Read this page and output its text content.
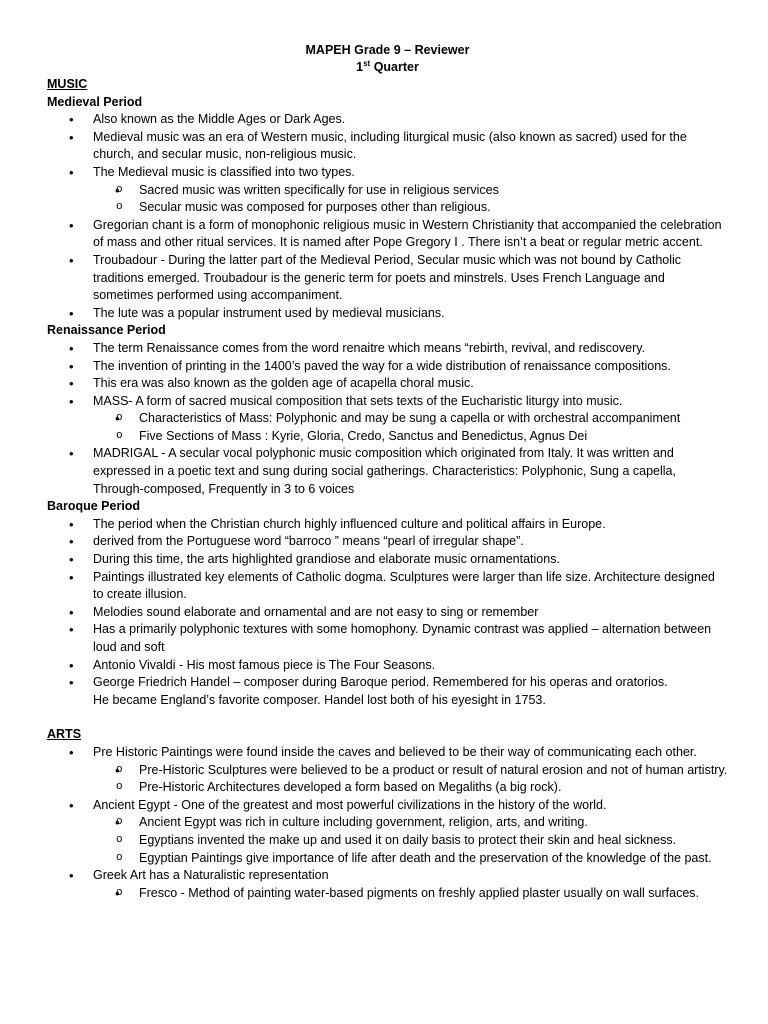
MAPEH Grade 9 – Reviewer
1st Quarter
MUSIC
Medieval Period
• Also known as the Middle Ages or Dark Ages.
• Medieval music was an era of Western music, including liturgical music (also known as sacred) used for the church, and secular music, non-religious music.
• The Medieval music is classified into two types.
o • Sacred music was written specifically for use in religious services
o Secular music was composed for purposes other than religious.
• Gregorian chant is a form of monophonic religious music in Western Christianity that accompanied the celebration of mass and other ritual services. It is named after Pope Gregory I . There isn’t a beat or regular metric accent.
• Troubadour - During the latter part of the Medieval Period, Secular music which was not bound by Catholic traditions emerged. Troubadour is the generic term for poets and minstrels. Uses French Language and sometimes performed using accompaniment.
• The lute was a popular instrument used by medieval musicians.
Renaissance Period
• The term Renaissance comes from the word renaitre which means “rebirth, revival, and rediscovery.
• The invention of printing in the 1400’s paved the way for a wide distribution of renaissance compositions.
• This era was also known as the golden age of acapella choral music.
• MASS- A form of sacred musical composition that sets texts of the Eucharistic liturgy into music.
o • Characteristics of Mass: Polyphonic and may be sung a capella or with orchestral accompaniment
o Five Sections of Mass : Kyrie, Gloria, Credo, Sanctus and Benedictus, Agnus Dei
• MADRIGAL - A secular vocal polyphonic music composition which originated from Italy. It was written and expressed in a poetic text and sung during social gatherings. Characteristics: Polyphonic, Sung a capella, Through-composed, Frequently in 3 to 6 voices
Baroque Period
• The period when the Christian church highly influenced culture and political affairs in Europe.
• derived from the Portuguese word “barroco ” means “pearl of irregular shape”.
• During this time, the arts highlighted grandiose and elaborate music ornamentations.
• Paintings illustrated key elements of Catholic dogma. Sculptures were larger than life size. Architecture designed to create illusion.
• Melodies sound elaborate and ornamental and are not easy to sing or remember
• Has a primarily polyphonic textures with some homophony. Dynamic contrast was applied – alternation between loud and soft
• Antonio Vivaldi - His most famous piece is The Four Seasons.
• George Friedrich Handel – composer during Baroque period. Remembered for his operas and oratorios.
He became England’s favorite composer. Handel lost both of his eyesight in 1753.
ARTS
• Pre Historic Paintings were found inside the caves and believed to be their way of communicating each other.
o • Pre-Historic Sculptures were believed to be a product or result of natural erosion and not of human artistry.
o Pre-Historic Architectures developed a form based on Megaliths (a big rock).
• Ancient Egypt - One of the greatest and most powerful civilizations in the history of the world.
o • Ancient Egypt was rich in culture including government, religion, arts, and writing.
o Egyptians invented the make up and used it on daily basis to protect their skin and heal sickness.
o Egyptian Paintings give importance of life after death and the preservation of the knowledge of the past.
• Greek Art has a Naturalistic representation
o • Fresco - Method of painting water-based pigments on freshly applied plaster usually on wall surfaces.
